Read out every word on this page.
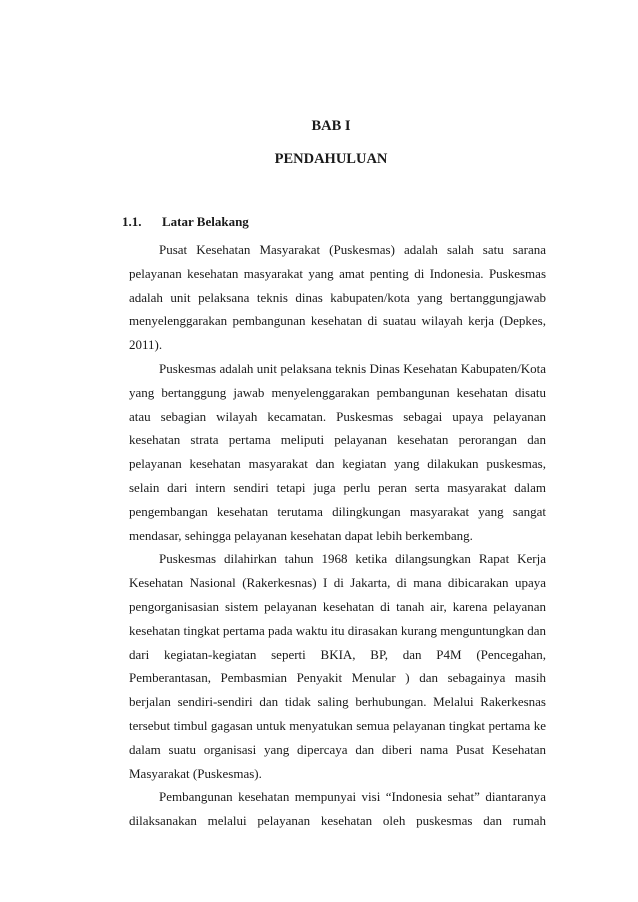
BAB I
PENDAHULUAN
1.1. Latar Belakang

Pusat Kesehatan Masyarakat (Puskesmas) adalah salah satu sarana pelayanan kesehatan masyarakat yang amat penting di Indonesia. Puskesmas adalah unit pelaksana teknis dinas kabupaten/kota yang bertanggungjawab menyelenggarakan pembangunan kesehatan di suatau wilayah kerja (Depkes, 2011).

Puskesmas adalah unit pelaksana teknis Dinas Kesehatan Kabupaten/Kota yang bertanggung jawab menyelenggarakan pembangunan kesehatan disatu atau sebagian wilayah kecamatan. Puskesmas sebagai upaya pelayanan kesehatan strata pertama meliputi pelayanan kesehatan perorangan dan pelayanan kesehatan masyarakat dan kegiatan yang dilakukan puskesmas, selain dari intern sendiri tetapi juga perlu peran serta masyarakat dalam pengembangan kesehatan terutama dilingkungan masyarakat yang sangat mendasar, sehingga pelayanan kesehatan dapat lebih berkembang.

Puskesmas dilahirkan tahun 1968 ketika dilangsungkan Rapat Kerja Kesehatan Nasional (Rakerkesnas) I di Jakarta, di mana dibicarakan upaya pengorganisasian sistem pelayanan kesehatan di tanah air, karena pelayanan kesehatan tingkat pertama pada waktu itu dirasakan kurang menguntungkan dan dari kegiatan-kegiatan seperti BKIA, BP, dan P4M (Pencegahan, Pemberantasan, Pembasmian Penyakit Menular ) dan sebagainya masih berjalan sendiri-sendiri dan tidak saling berhubungan. Melalui Rakerkesnas tersebut timbul gagasan untuk menyatukan semua pelayanan tingkat pertama ke dalam suatu organisasi yang dipercaya dan diberi nama Pusat Kesehatan Masyarakat (Puskesmas).

Pembangunan kesehatan mempunyai visi “Indonesia sehat” diantaranya dilaksanakan melalui pelayanan kesehatan oleh puskesmas dan rumah
